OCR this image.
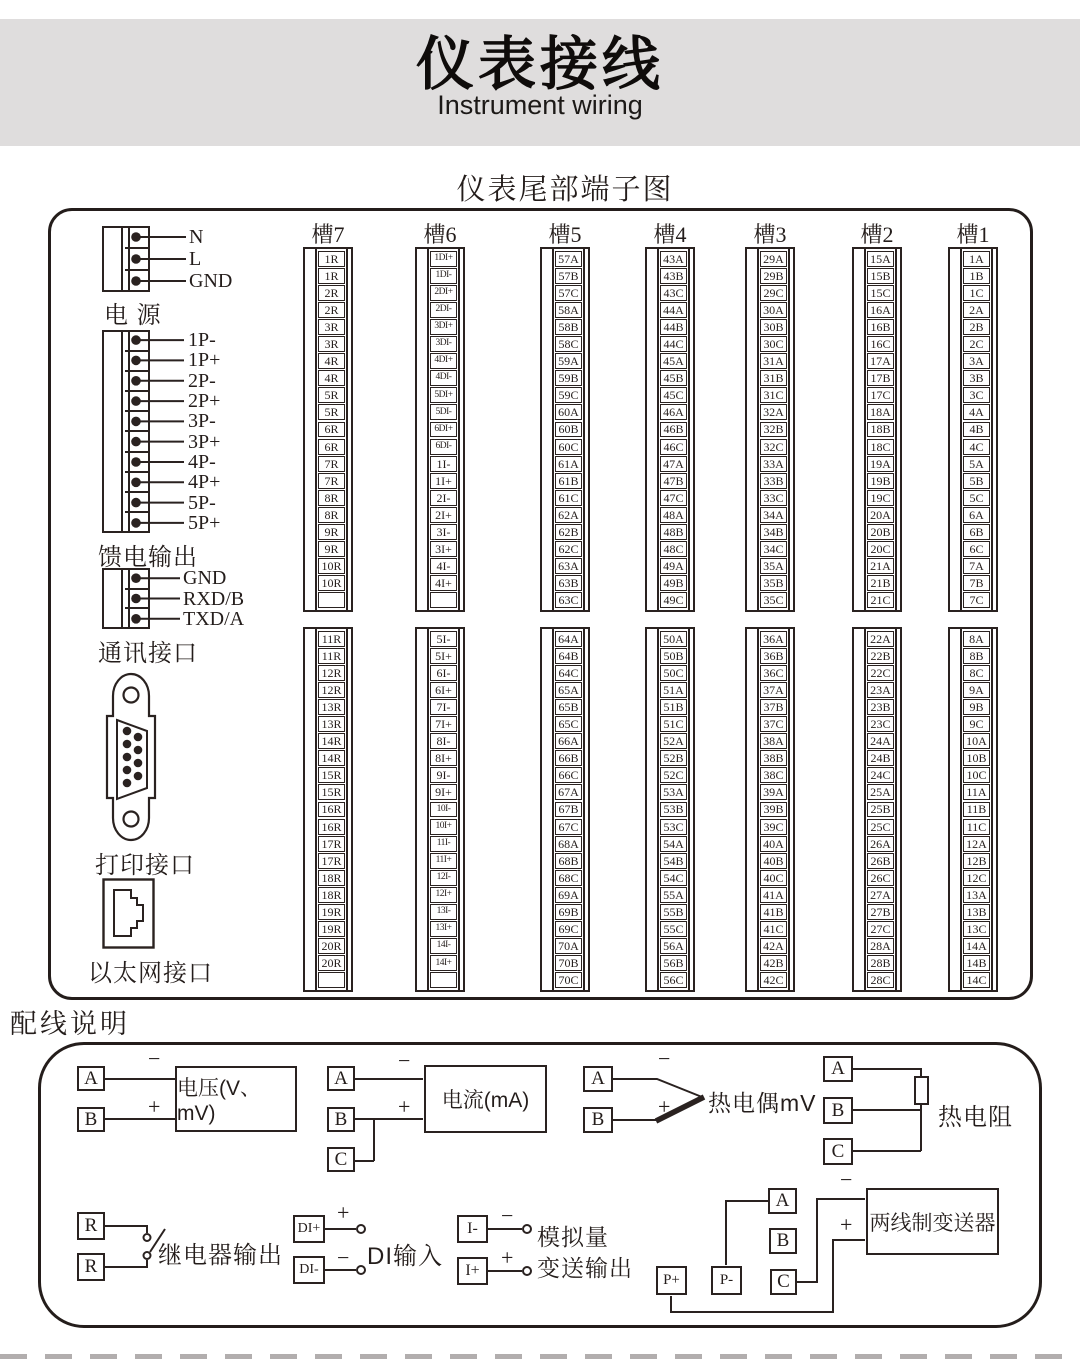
仪表接线
Instrument wiring
仪表尾部端子图
打印接口
以太网接口
配线说明
A
B
−
+
电压(V、mV)
A
B
C
−
+	电流(mA)
A
B
−
+ 热电偶mV
A
B
C
热电阻
R
R	继电器输出
DI+
DI-
+
− DI输入
I-
I+
−
+
模拟量
变送输出
A
B
C
P+	P-
−
+ 两线制变送器
槽7
1R
1R
2R
2R
3R
3R
4R
4R
5R
5R
6R
6R
7R
7R
8R
8R
9R
9R
10R
10R
11R
11R
12R
12R
13R
13R
14R
14R
15R
15R
16R
16R
17R
17R
18R
18R
19R
19R
20R
20R
槽6
1DI+
1DI-
2DI+
2DI-
3DI+
3DI-
4DI+
4DI-
5DI+
5DI-
6DI+
6DI-
1I-
1I+
2I-
2I+
3I-
3I+
4I-
4I+
5I-
5I+
6I-
6I+
7I-
7I+
8I-
8I+
9I-
9I+
10I-
10I+
11I-
11I+
12I-
12I+
13I-
13I+
14I-
14I+
槽5
57A
57B
57C
58A
58B
58C
59A
59B
59C
60A
60B
60C
61A
61B
61C
62A
62B
62C
63A
63B
63C
64A
64B
64C
65A
65B
65C
66A
66B
66C
67A
67B
67C
68A
68B
68C
69A
69B
69C
70A
70B
70C
槽4
43A
43B
43C
44A
44B
44C
45A
45B
45C
46A
46B
46C
47A
47B
47C
48A
48B
48C
49A
49B
49C
50A
50B
50C
51A
51B
51C
52A
52B
52C
53A
53B
53C
54A
54B
54C
55A
55B
55C
56A
56B
56C
槽3
29A
29B
29C
30A
30B
30C
31A
31B
31C
32A
32B
32C
33A
33B
33C
34A
34B
34C
35A
35B
35C
36A
36B
36C
37A
37B
37C
38A
38B
38C
39A
39B
39C
40A
40B
40C
41A
41B
41C
42A
42B
42C
槽2
15A
15B
15C
16A
16B
16C
17A
17B
17C
18A
18B
18C
19A
19B
19C
20A
20B
20C
21A
21B
21C
22A
22B
22C
23A
23B
23C
24A
24B
24C
25A
25B
25C
26A
26B
26C
27A
27B
27C
28A
28B
28C
槽1
1A
1B
1C
2A
2B
2C
3A
3B
3C
4A
4B
4C
5A
5B
5C
6A
6B
6C
7A
7B
7C
8A
8B
8C
9A
9B
9C
10A
10B
10C
11A
11B
11C
12A
12B
12C
13A
13B
13C
14A
14B
14C
N
L
GND
电 源
1P-
1P+
2P-
2P+
3P-
3P+
4P-
4P+
5P-
5P+
馈电输出
GND
RXD/B
TXD/A
通讯接口
